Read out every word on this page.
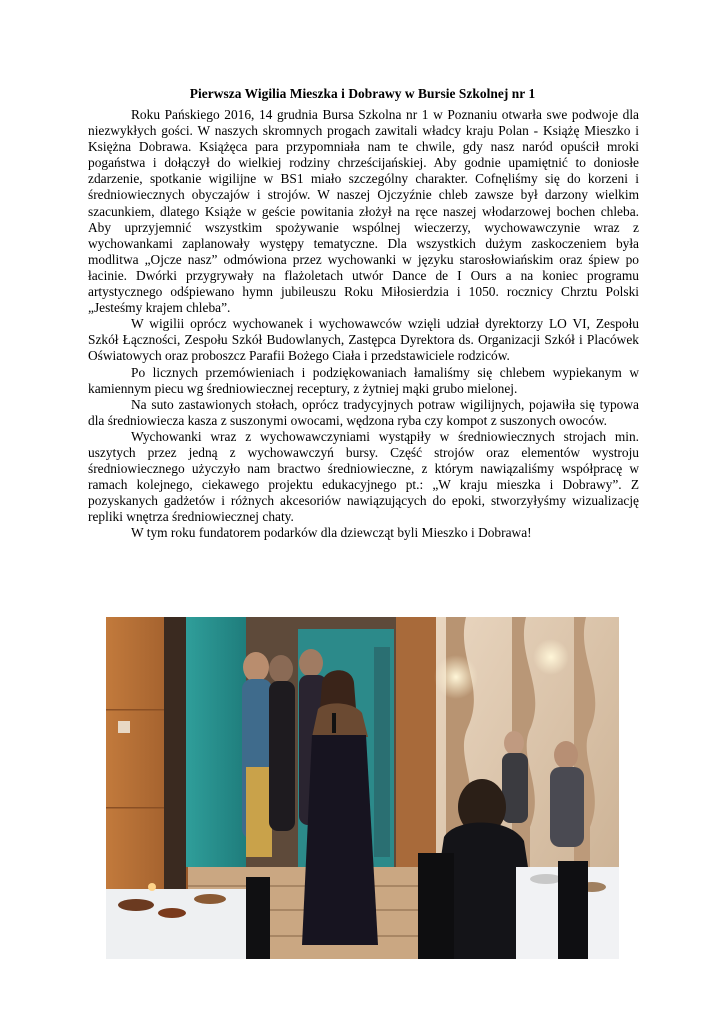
Pierwsza Wigilia Mieszka i Dobrawy w Bursie Szkolnej nr 1

Roku Pańskiego 2016, 14 grudnia Bursa Szkolna nr 1 w Poznaniu otwarła swe podwoje dla niezwykłych gości. W naszych skromnych progach zawitali władcy kraju Polan - Książę Mieszko i Księżna Dobrawa. Książęca para przypomniała nam te chwile, gdy nasz naród opuścił mroki pogaństwa i dołączył do wielkiej rodziny chrześcijańskiej. Aby godnie upamiętnić to doniosłe zdarzenie, spotkanie wigilijne w BS1 miało szczególny charakter. Cofnęliśmy się do korzeni i średniowiecznych obyczajów i strojów. W naszej Ojczyźnie chleb zawsze był darzony wielkim szacunkiem, dlatego Książe w geście powitania złożył na ręce naszej włodarzowej bochen chleba. Aby uprzyjemnić wszystkim spożywanie wspólnej wieczerzy, wychowawczynie wraz z wychowankami zaplanowały występy tematyczne. Dla wszystkich dużym zaskoczeniem była modlitwa „Ojcze nasz” odmówiona przez wychowanki w języku starosłowiańskim oraz śpiew po łacinie. Dwórki przygrywały na flażoletach utwór Dance de I Ours a na koniec programu artystycznego odśpiewano hymn jubileuszu Roku Miłosierdzia i 1050. rocznicy Chrztu Polski „Jesteśmy krajem chleba”.

W wigilii oprócz wychowanek i wychowawców wzięli udział dyrektorzy LO VI, Zespołu Szkół Łączności, Zespołu Szkół Budowlanych, Zastępca Dyrektora ds. Organizacji Szkół i Placówek Oświatowych oraz proboszcz Parafii Bożego Ciała i przedstawiciele rodziców.

Po licznych przemówieniach i podziękowaniach łamaliśmy się chlebem wypiekanym w kamiennym piecu wg średniowiecznej receptury, z żytniej mąki grubo mielonej.

Na suto zastawionych stołach, oprócz tradycyjnych potraw wigilijnych, pojawiła się typowa dla średniowiecza kasza z suszonymi owocami, wędzona ryba czy kompot z suszonych owoców.

Wychowanki wraz z wychowawczyniami wystąpiły w średniowiecznych strojach min. uszytych przez jedną z wychowawczyń bursy. Część strojów oraz elementów wystroju średniowiecznego użyczyło nam bractwo średniowieczne, z którym nawiązaliśmy współpracę w ramach kolejnego, ciekawego projektu edukacyjnego pt.: „W kraju mieszka i Dobrawy”. Z pozyskanych gadżetów i różnych akcesoriów nawiązujących do epoki, stworzyłyśmy wizualizację repliki wnętrza średniowiecznej chaty.

W tym roku fundatorem podarków dla dziewcząt byli Mieszko i Dobrawa!
